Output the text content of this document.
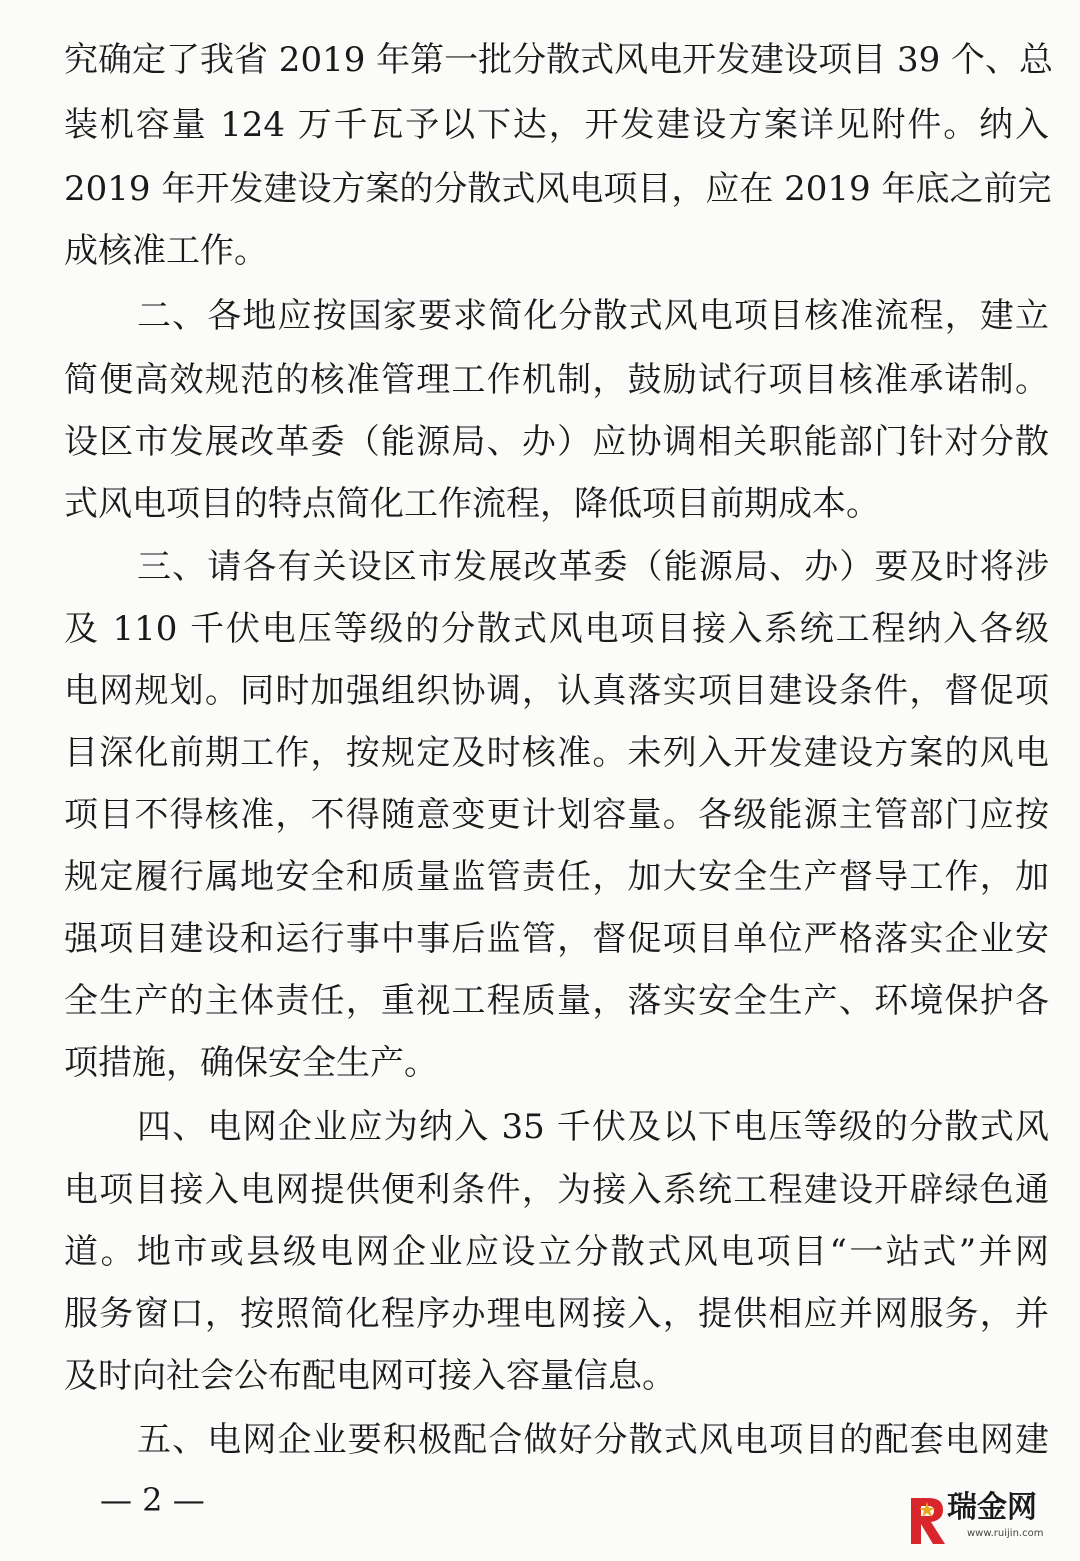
究确定了我省 2019 年第一批分散式风电开发建设项目 39 个、总
装机容量 124 万千瓦予以下达，开发建设方案详见附件。纳入
2019 年开发建设方案的分散式风电项目，应在 2019 年底之前完
成核准工作。
二、各地应按国家要求简化分散式风电项目核准流程，建立
简便高效规范的核准管理工作机制，鼓励试行项目核准承诺制。
设区市发展改革委（能源局、办）应协调相关职能部门针对分散
式风电项目的特点简化工作流程，降低项目前期成本。
三、请各有关设区市发展改革委（能源局、办）要及时将涉
及 110 千伏电压等级的分散式风电项目接入系统工程纳入各级
电网规划。同时加强组织协调，认真落实项目建设条件，督促项
目深化前期工作，按规定及时核准。未列入开发建设方案的风电
项目不得核准，不得随意变更计划容量。各级能源主管部门应按
规定履行属地安全和质量监管责任，加大安全生产督导工作，加
强项目建设和运行事中事后监管，督促项目单位严格落实企业安
全生产的主体责任，重视工程质量，落实安全生产、环境保护各
项措施，确保安全生产。
四、电网企业应为纳入 35 千伏及以下电压等级的分散式风
电项目接入电网提供便利条件，为接入系统工程建设开辟绿色通
道。地市或县级电网企业应设立分散式风电项目“一站式”并网
服务窗口，按照简化程序办理电网接入，提供相应并网服务，并
及时向社会公布配电网可接入容量信息。
五、电网企业要积极配合做好分散式风电项目的配套电网建
— 2 —	瑞金网
www.ruijin.com
